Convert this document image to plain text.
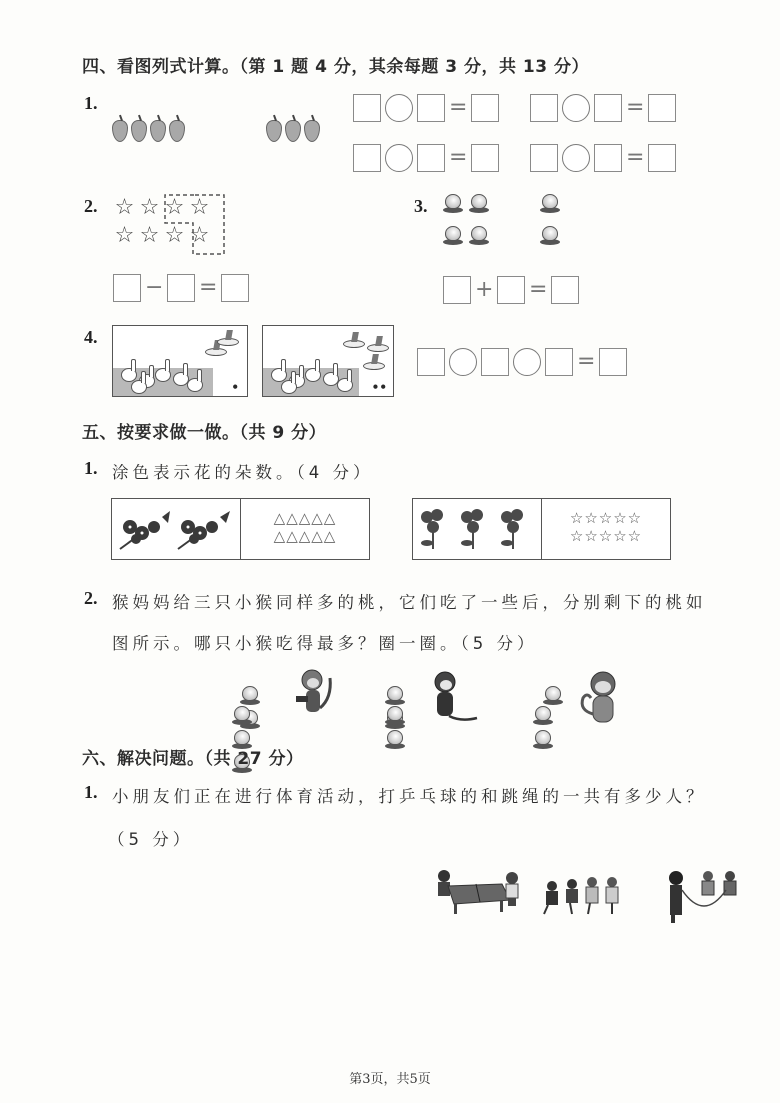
四、看图列式计算。（第 1 题 4 分，其余每题 3 分，共 13 分）
1.	=	=
=	=
2. ☆ ☆ ☆ ☆
☆ ☆ ☆ ☆
− =
3.
+ =
4.
•	••
=
五、按要求做一做。（共 9 分）
1. 涂色表示花的朵数。（4 分）
△△△△△
△△△△△
☆☆☆☆☆
☆☆☆☆☆
2. 猴妈妈给三只小猴同样多的桃，它们吃了一些后，分别剩下的桃如
图所示。哪只小猴吃得最多？圈一圈。（5 分）
六、解决问题。（共 27 分）
1. 小朋友们正在进行体育活动，打乒乓球的和跳绳的一共有多少人？
（5 分）
第3页，共5页
